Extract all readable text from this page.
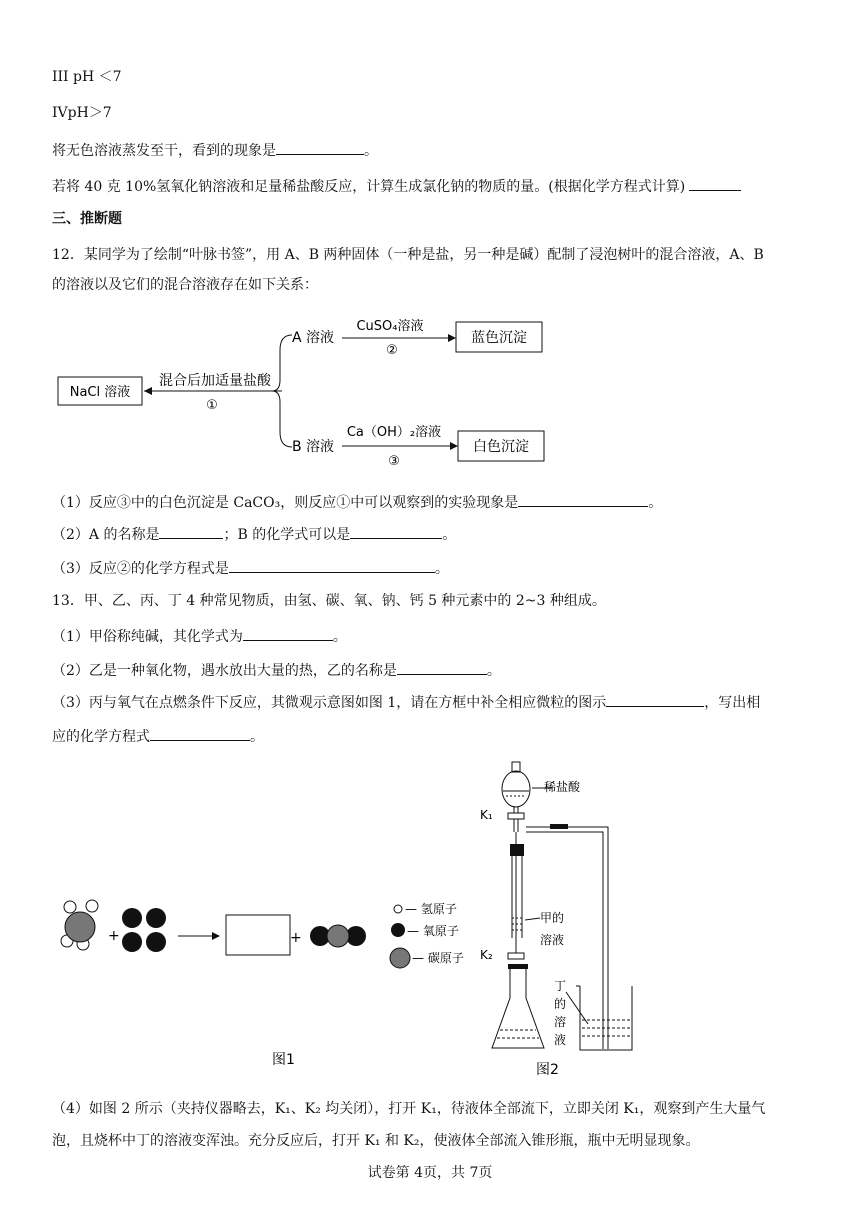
III pH ＜7
IVpH＞7
将无色溶液蒸发至干，看到的现象是	。
若将 40 克 10%氢氧化钠溶液和足量稀盐酸反应，计算生成氯化钠的物质的量。(根据化学方程式计算)
三、推断题
12．某同学为了绘制“叶脉书签”，用 A、B 两种固体（一种是盐，另一种是碱）配制了浸泡树叶的混合溶液，A、B
的溶液以及它们的混合溶液存在如下关系：
NaCl 溶液
混合后加适量盐酸
①
A 溶液
CuSO₄溶液
②
蓝色沉淀
B 溶液
Ca（OH）₂溶液
③
白色沉淀
（1）反应③中的白色沉淀是 CaCO₃，则反应①中可以观察到的实验现象是	。
（2）A 的名称是	；B 的化学式可以是	。
（3）反应②的化学方程式是	。
13．甲、乙、丙、丁 4 种常见物质，由氢、碳、氧、钠、钙 5 种元素中的 2~3 种组成。
（1）甲俗称纯碱，其化学式为	。
（2）乙是一种氧化物，遇水放出大量的热，乙的名称是	。
（3）丙与氧气在点燃条件下反应，其微观示意图如图 1，请在方框中补全相应微粒的图示	，写出相
应的化学方程式	。
+	+
— 氢原子
— 氧原子
— 碳原子
图1
稀盐酸
K₁
甲的
溶液
K₂
丁
的
溶
液
图2
（4）如图 2 所示（夹持仪器略去，K₁、K₂ 均关闭），打开 K₁，待液体全部流下，立即关闭 K₁，观察到产生大量气
泡，且烧杯中丁的溶液变浑浊。充分反应后，打开 K₁ 和 K₂，使液体全部流入锥形瓶，瓶中无明显现象。
试卷第 4页，共 7页
